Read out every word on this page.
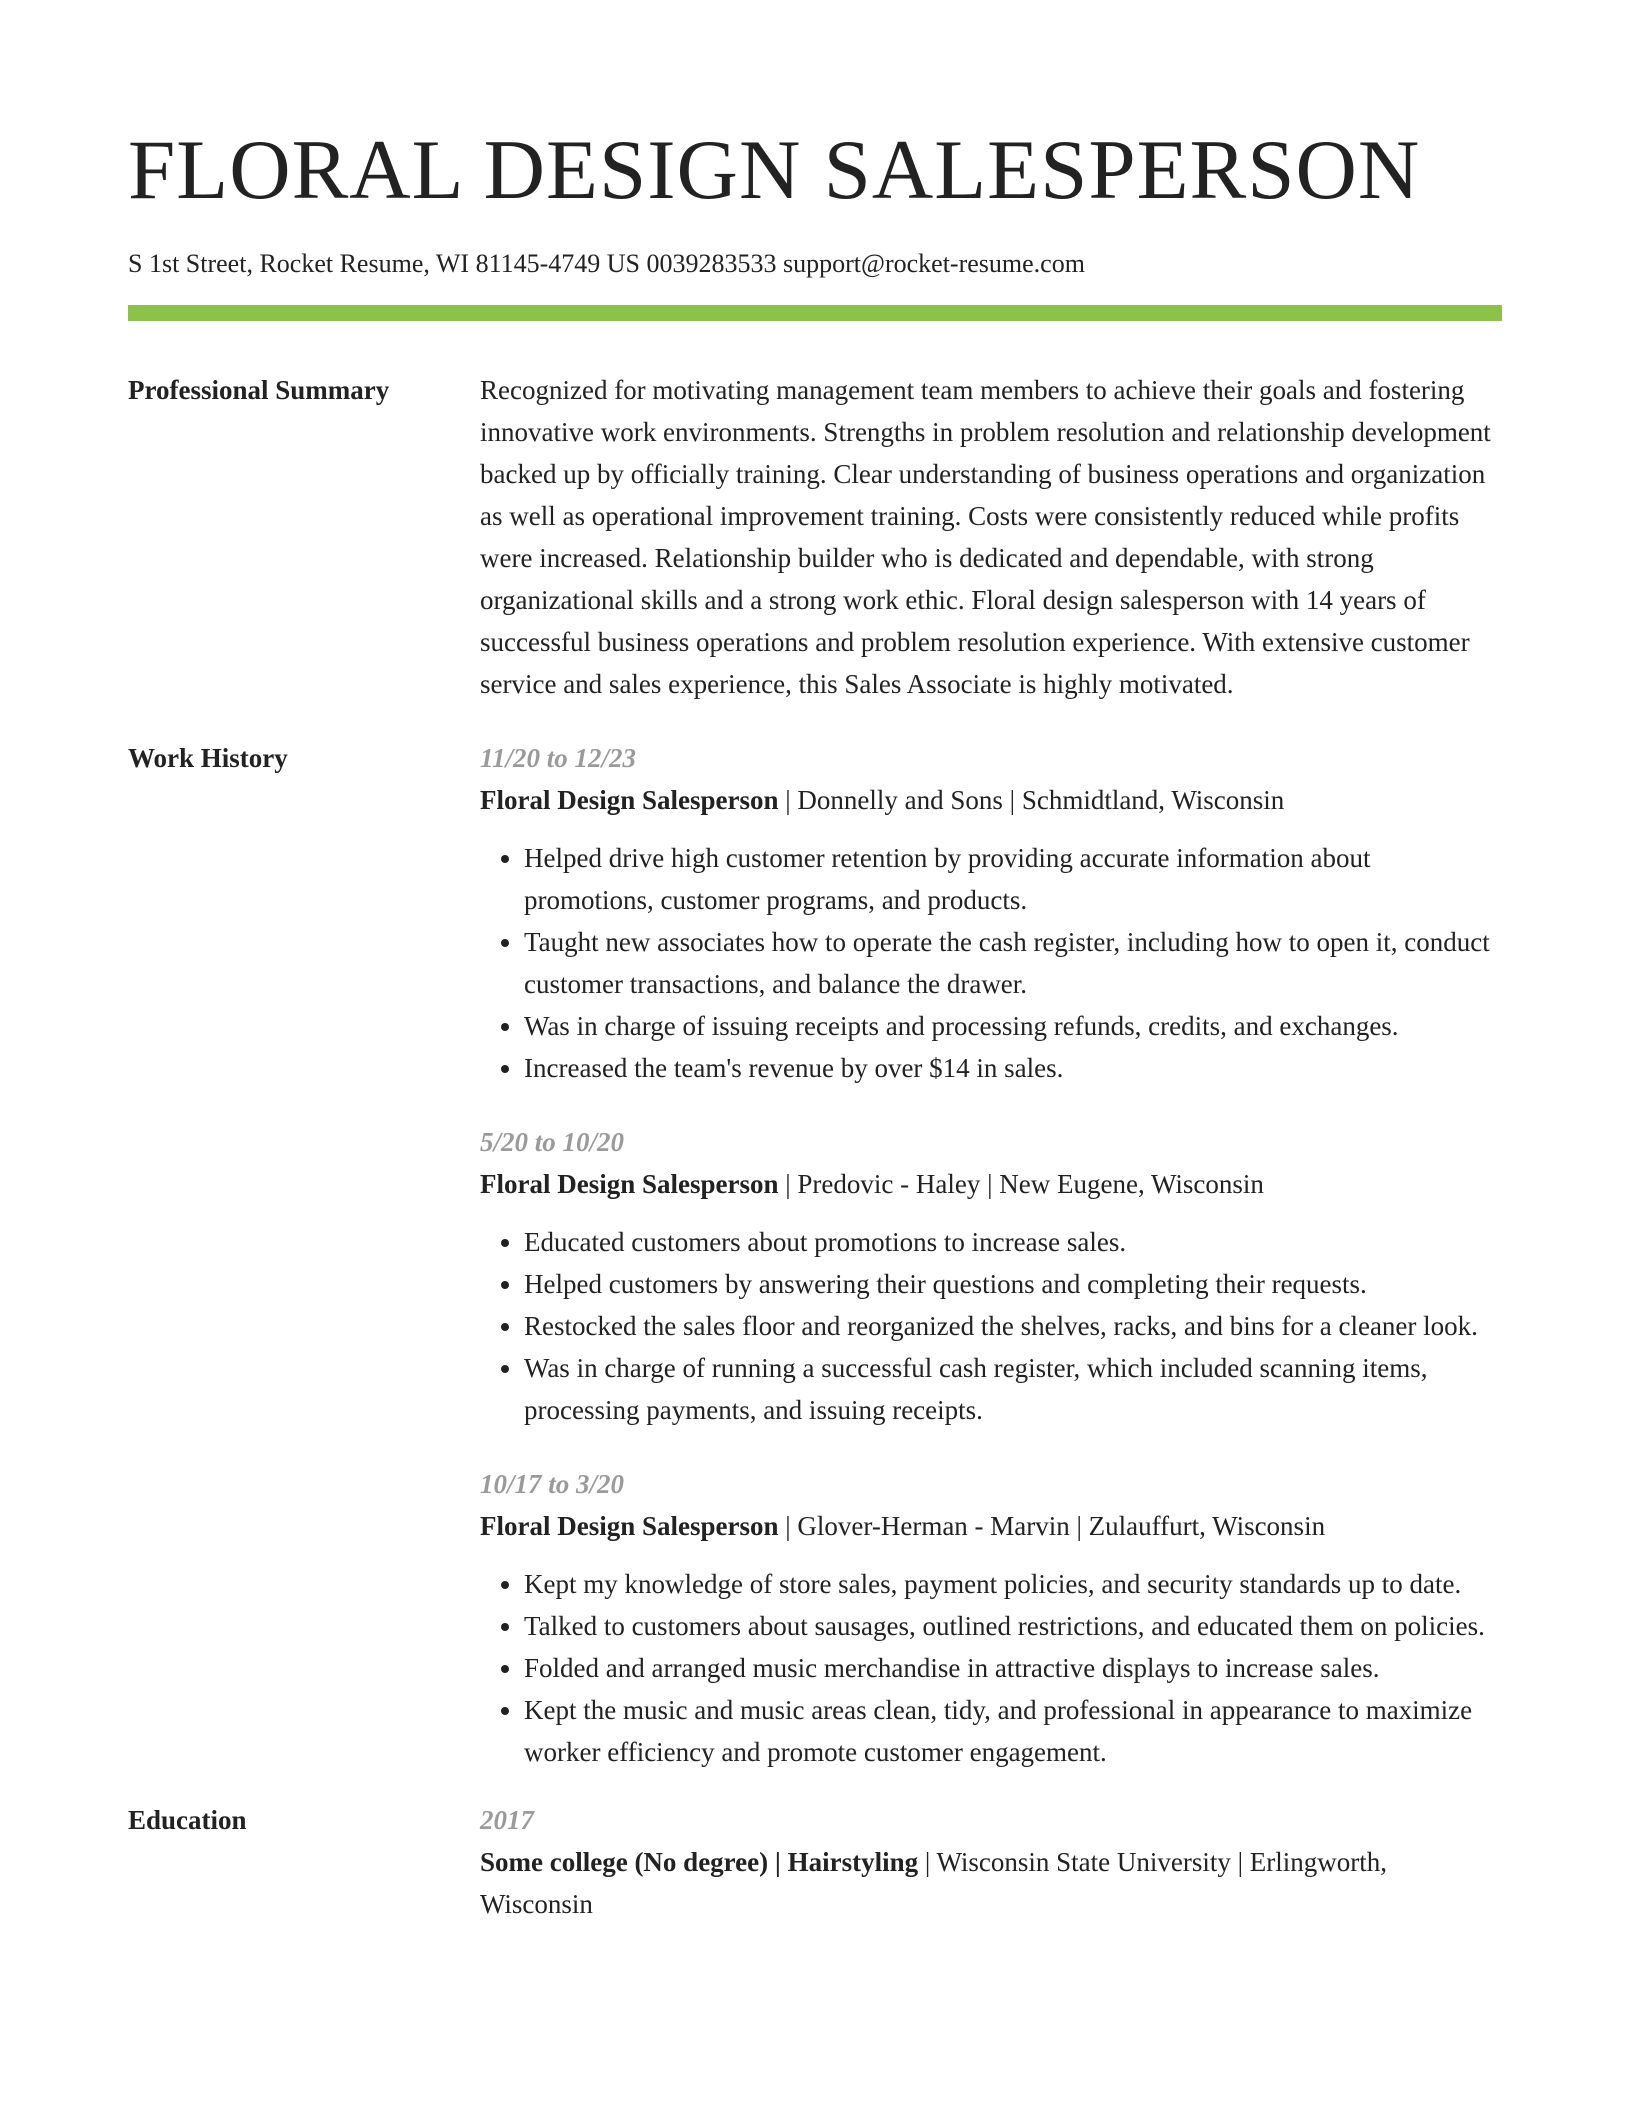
FLORAL DESIGN SALESPERSON
S 1st Street, Rocket Resume, WI 81145-4749 US 0039283533 support@rocket-resume.com
Professional Summary	Recognized for motivating management team members to achieve their goals and fostering innovative work environments. Strengths in problem resolution and relationship development backed up by officially training. Clear understanding of business operations and organization as well as operational improvement training. Costs were consistently reduced while profits were increased. Relationship builder who is dedicated and dependable, with strong organizational skills and a strong work ethic. Floral design salesperson with 14 years of successful business operations and problem resolution experience. With extensive customer service and sales experience, this Sales Associate is highly motivated.
Work History	11/20 to 12/23
Floral Design Salesperson | Donnelly and Sons | Schmidtland, Wisconsin
• Helped drive high customer retention by providing accurate information about promotions, customer programs, and products.
• Taught new associates how to operate the cash register, including how to open it, conduct customer transactions, and balance the drawer.
• Was in charge of issuing receipts and processing refunds, credits, and exchanges.
• Increased the team's revenue by over $14 in sales.
5/20 to 10/20
Floral Design Salesperson | Predovic - Haley | New Eugene, Wisconsin
• Educated customers about promotions to increase sales.
• Helped customers by answering their questions and completing their requests.
• Restocked the sales floor and reorganized the shelves, racks, and bins for a cleaner look.
• Was in charge of running a successful cash register, which included scanning items, processing payments, and issuing receipts.
10/17 to 3/20
Floral Design Salesperson | Glover-Herman - Marvin | Zulauffurt, Wisconsin
• Kept my knowledge of store sales, payment policies, and security standards up to date.
• Talked to customers about sausages, outlined restrictions, and educated them on policies.
• Folded and arranged music merchandise in attractive displays to increase sales.
• Kept the music and music areas clean, tidy, and professional in appearance to maximize worker efficiency and promote customer engagement.
Education	2017
Some college (No degree) | Hairstyling | Wisconsin State University | Erlingworth, Wisconsin
